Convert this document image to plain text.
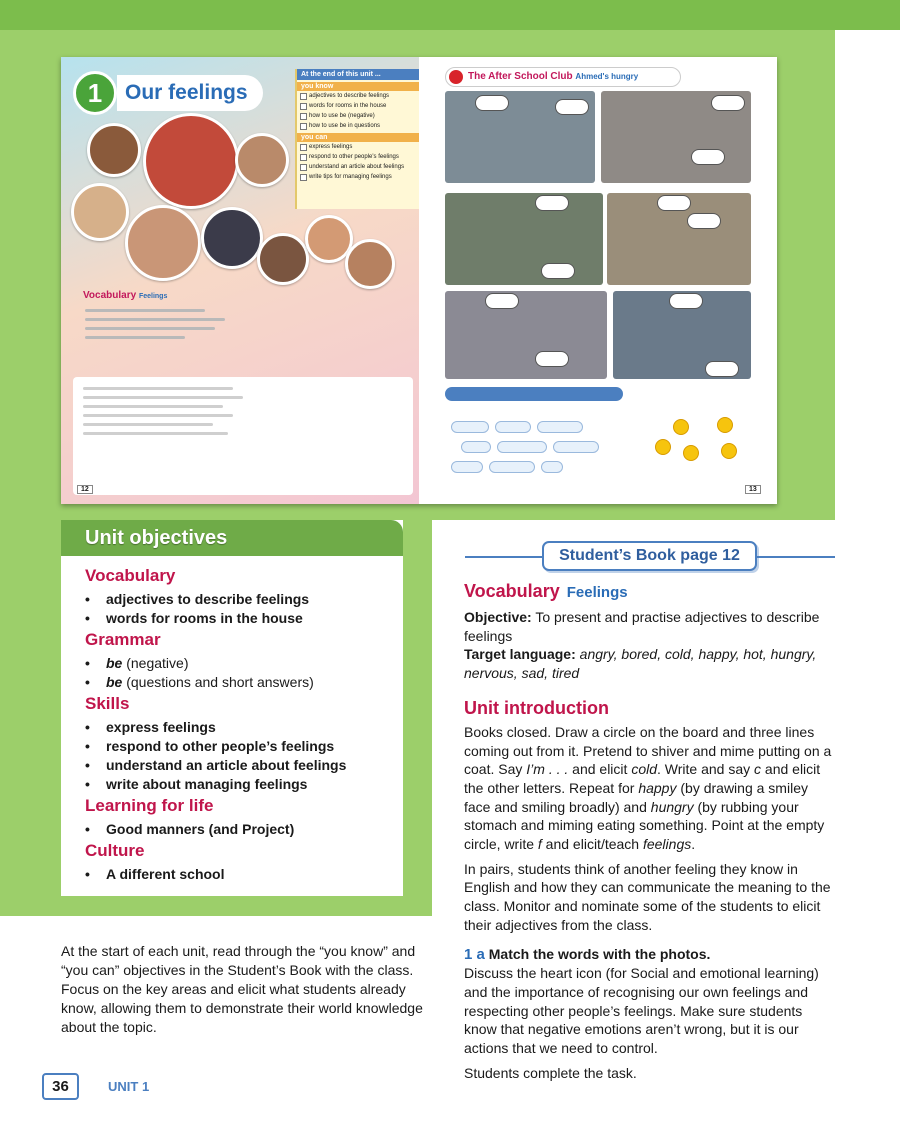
1	Our feelings
At the end of this unit ...
you know
adjectives to describe feelings
words for rooms in the house
how to use be (negative)
how to use be in questions
you can
express feelings
respond to other people's feelings
understand an article about feelings
write tips for managing feelings
Vocabulary Feelings
12
The After School Club Ahmed's hungry
13
Unit objectives
Vocabulary
• adjectives to describe feelings
• words for rooms in the house
Grammar
• be (negative)
• be (questions and short answers)
Skills
• express feelings
• respond to other people’s feelings
• understand an article about feelings
• write about managing feelings
Learning for life
• Good manners (and Project)
Culture
• A different school

At the start of each unit, read through the “you know” and “you can” objectives in the Student’s Book with the class. Focus on the key areas and elicit what students already know, allowing them to demonstrate their world knowledge about the topic.

36	UNIT 1
Student’s Book page 12
Vocabulary Feelings

Objective: To present and practise adjectives to describe feelings

Target language: angry, bored, cold, happy, hot, hungry, nervous, sad, tired

Unit introduction

Books closed. Draw a circle on the board and three lines coming out from it. Pretend to shiver and mime putting on a coat. Say I’m . . . and elicit cold. Write and say c and elicit the other letters. Repeat for happy (by drawing a smiley face and smiling broadly) and hungry (by rubbing your stomach and miming eating something. Point at the empty circle, write f and elicit/teach feelings.

In pairs, students think of another feeling they know in English and how they can communicate the meaning to the class. Monitor and nominate some of the students to elicit their adjectives from the class.

1 a Match the words with the photos.

Discuss the heart icon (for Social and emotional learning) and the importance of recognising our own feelings and respecting other people’s feelings. Make sure students know that negative emotions aren’t wrong, but it is our actions that we need to control.

Students complete the task.
